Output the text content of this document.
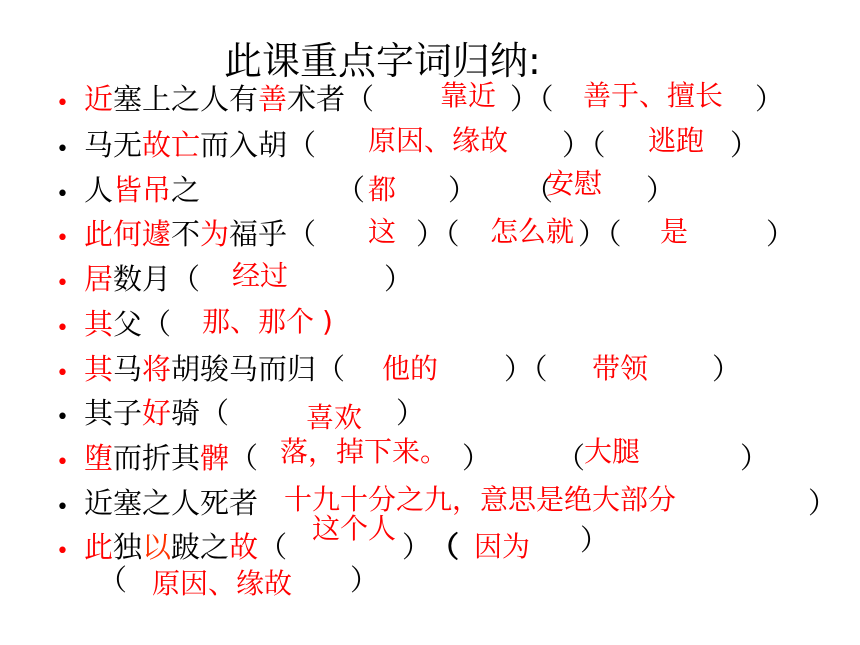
此课重点字词归纳:
• 近塞上之人有善术者（ 靠近 ）（ 善于、擅长 ）
• 马无故亡而入胡（ 原因、缘故 ）（ 逃跑 ）
• 人皆吊之	（ 都 ） （
安慰 ）
• 此何遽不为福乎（ 这 ）（ 怎么就 ）（ 是	）
• 居数月（ 经过	）
• 其父（ 那、那个 )
• 其马将胡骏马而归（ 他的 ）（ 带领 ）
• 其子好骑（	喜欢 ）
• 堕而折其髀（ 落，掉下来。 ） （
大腿	）
• 近塞之人死者 十九十分之九，意思是绝大部分	）
• 此独以跛之故（
这个人
）
（ 因为 ）
（ 原因、缘故 ）
